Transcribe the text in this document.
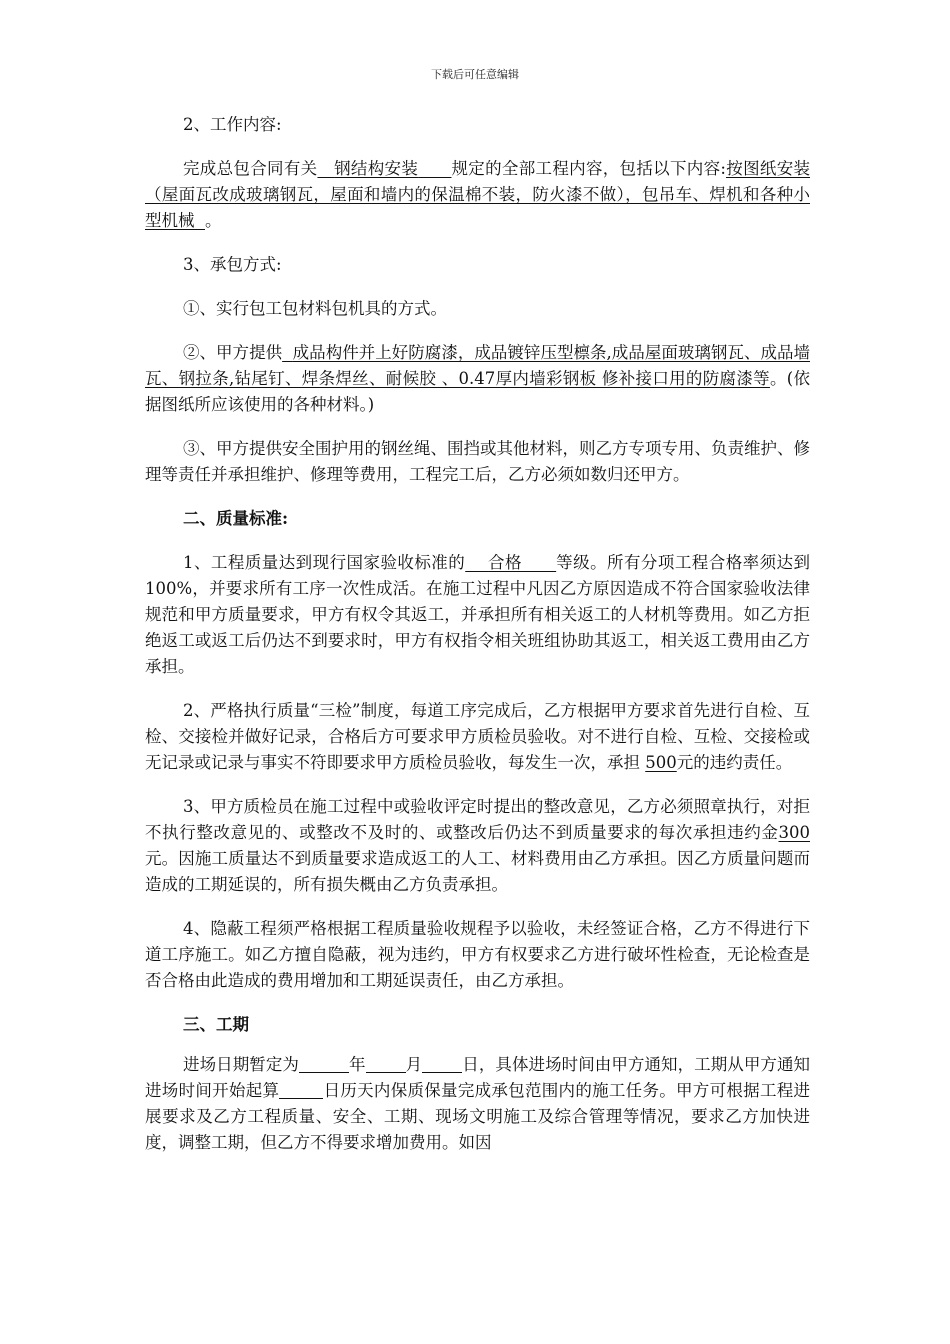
下载后可任意编辑

2、工作内容:

完成总包合同有关 钢结构安装 规定的全部工程内容，包括以下内容:按图纸安装（屋面瓦改成玻璃钢瓦，屋面和墙内的保温棉不装，防火漆不做），包吊车、焊机和各种小型机械 。

3、承包方式:

①、实行包工包材料包机具的方式。

②、甲方提供 成品构件并上好防腐漆，成品镀锌压型檩条,成品屋面玻璃钢瓦、成品墙瓦、钢拉条,钻尾钉、焊条焊丝、耐候胶 、0.47厚内墙彩钢板 修补接口用的防腐漆等。(依据图纸所应该使用的各种材料。)

③、甲方提供安全围护用的钢丝绳、围挡或其他材料，则乙方专项专用、负责维护、修理等责任并承担维护、修理等费用，工程完工后，乙方必须如数归还甲方。

二、质量标准:

1、工程质量达到现行国家验收标准的 合格 等级。所有分项工程合格率须达到100%，并要求所有工序一次性成活。在施工过程中凡因乙方原因造成不符合国家验收法律规范和甲方质量要求，甲方有权令其返工，并承担所有相关返工的人材机等费用。如乙方拒绝返工或返工后仍达不到要求时，甲方有权指令相关班组协助其返工，相关返工费用由乙方承担。

2、严格执行质量“三检”制度，每道工序完成后，乙方根据甲方要求首先进行自检、互检、交接检并做好记录，合格后方可要求甲方质检员验收。对不进行自检、互检、交接检或无记录或记录与事实不符即要求甲方质检员验收，每发生一次，承担 500元的违约责任。

3、甲方质检员在施工过程中或验收评定时提出的整改意见，乙方必须照章执行，对拒不执行整改意见的、或整改不及时的、或整改后仍达不到质量要求的每次承担违约金300元。因施工质量达不到质量要求造成返工的人工、材料费用由乙方承担。因乙方质量问题而造成的工期延误的，所有损失概由乙方负责承担。

4、隐蔽工程须严格根据工程质量验收规程予以验收，未经签证合格，乙方不得进行下道工序施工。如乙方擅自隐蔽，视为违约，甲方有权要求乙方进行破坏性检查，无论检查是否合格由此造成的费用增加和工期延误责任，由乙方承担。

三、工期

进场日期暂定为	年 月 日，具体进场时间由甲方通知，工期从甲方通知进场时间开始起算	日历天内保质保量完成承包范围内的施工任务。甲方可根据工程进展要求及乙方工程质量、安全、工期、现场文明施工及综合管理等情况，要求乙方加快进度，调整工期，但乙方不得要求增加费用。如因
